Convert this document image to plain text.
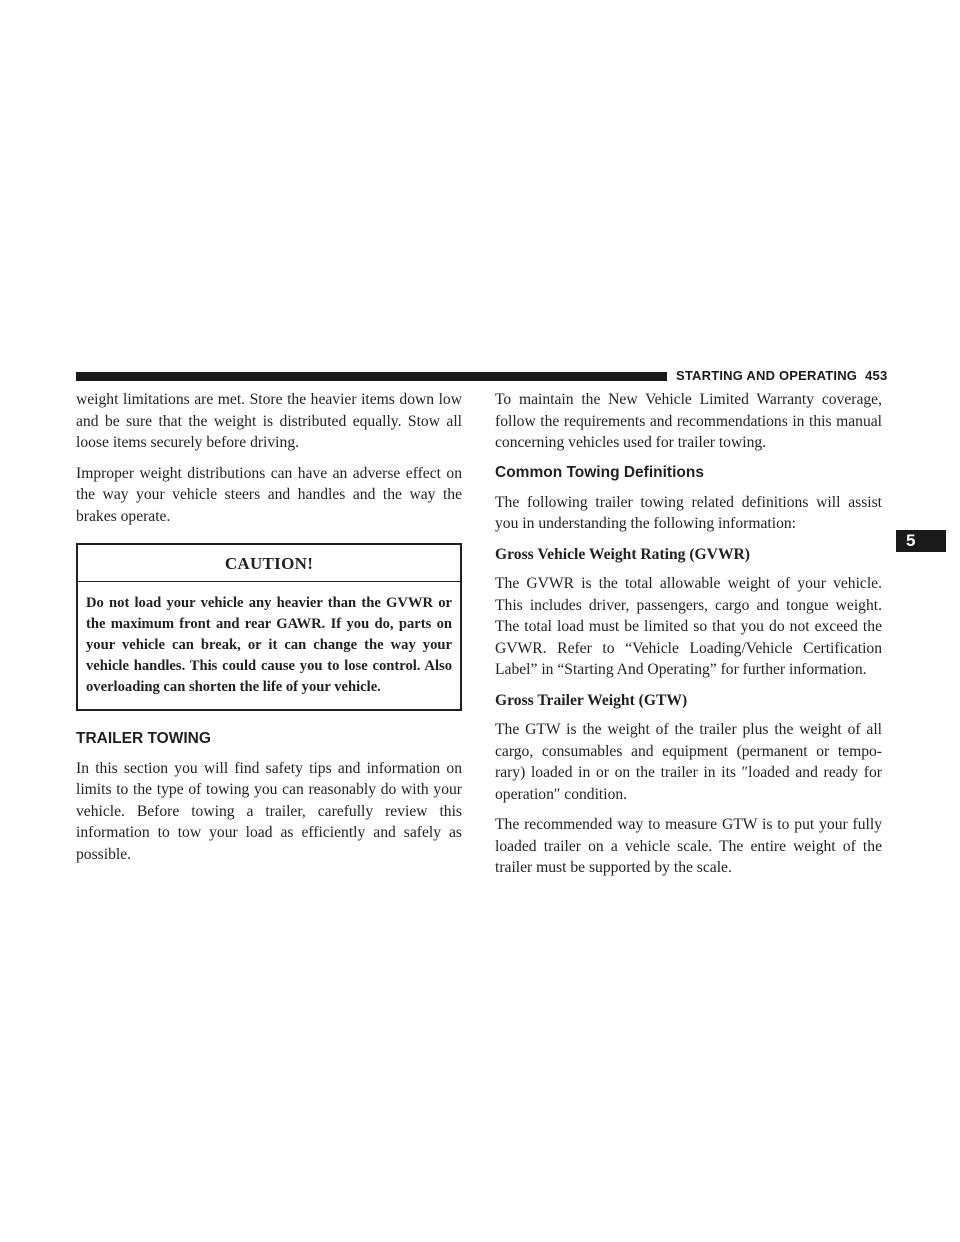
STARTING AND OPERATING 453
5

weight limitations are met. Store the heavier items down low and be sure that the weight is distributed equally. Stow all loose items securely before driving.

Improper weight distributions can have an adverse effect on the way your vehicle steers and handles and the way the brakes operate.

CAUTION!
Do not load your vehicle any heavier than the GVWR or the maximum front and rear GAWR. If you do, parts on your vehicle can break, or it can change the way your vehicle handles. This could cause you to lose control. Also overloading can shorten the life of your vehicle.
TRAILER TOWING

In this section you will find safety tips and information on limits to the type of towing you can reasonably do with your vehicle. Before towing a trailer, carefully review this information to tow your load as efficiently and safely as possible.

To maintain the New Vehicle Limited Warranty coverage, follow the requirements and recommendations in this manual concerning vehicles used for trailer towing.

Common Towing Definitions

The following trailer towing related definitions will assist you in understanding the following information:

Gross Vehicle Weight Rating (GVWR)

The GVWR is the total allowable weight of your vehicle. This includes driver, passengers, cargo and tongue weight. The total load must be limited so that you do not exceed the GVWR. Refer to “Vehicle Loading/Vehicle Certification Label” in “Starting And Operating” for further information.

Gross Trailer Weight (GTW)

The GTW is the weight of the trailer plus the weight of all cargo, consumables and equipment (permanent or tempo-rary) loaded in or on the trailer in its ″loaded and ready for operation″ condition.

The recommended way to measure GTW is to put your fully loaded trailer on a vehicle scale. The entire weight of the trailer must be supported by the scale.
